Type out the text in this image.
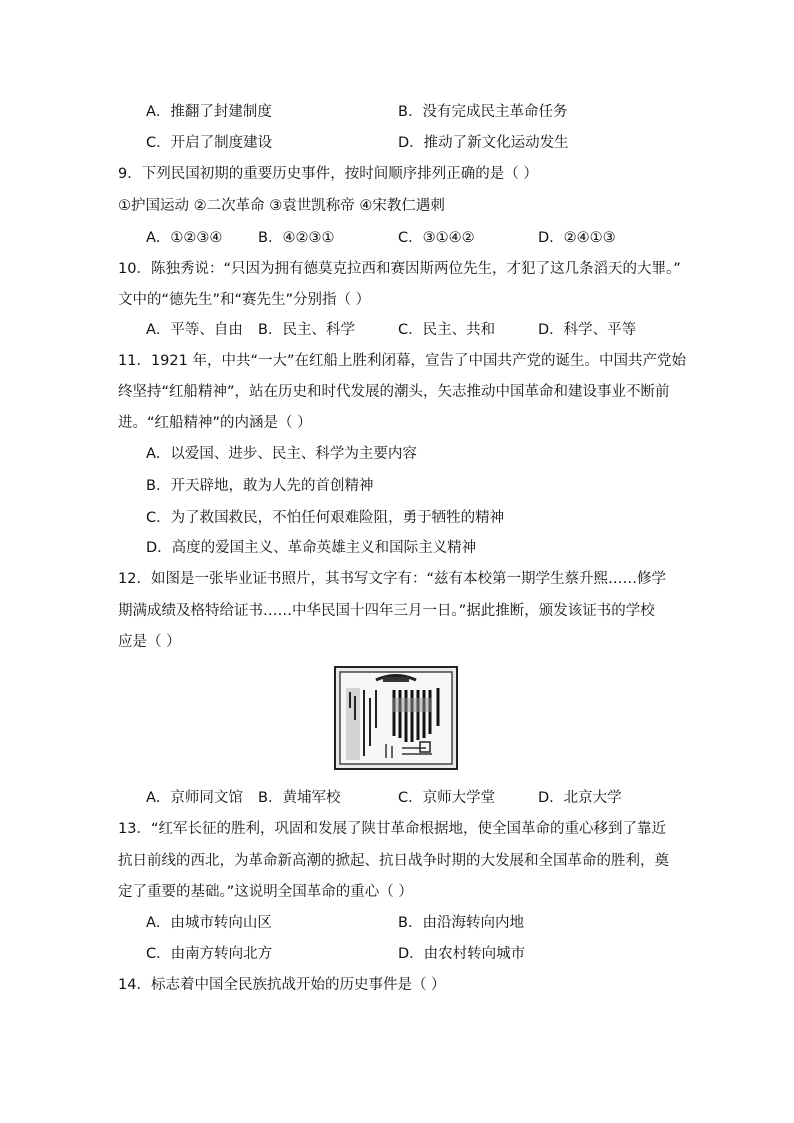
A．推翻了封建制度	B．没有完成民主革命任务
C．开启了制度建设	D．推动了新文化运动发生
9．下列民国初期的重要历史事件，按时间顺序排列正确的是（ ）
①护国运动 ②二次革命 ③袁世凯称帝 ④宋教仁遇刺
A．①②③④ B．④②③①	C．③①④②	D．②④①③
10．陈独秀说：“只因为拥有德莫克拉西和赛因斯两位先生，才犯了这几条滔天的大罪。”
文中的“德先生”和“赛先生”分别指（ ）
A．平等、自由 B．民主、科学	C．民主、共和	D．科学、平等
11．1921 年，中共“一大”在红船上胜利闭幕，宣告了中国共产党的诞生。中国共产党始
终坚持“红船精神”，站在历史和时代发展的潮头，矢志推动中国革命和建设事业不断前
进。“红船精神”的内涵是（ ）
A．以爱国、进步、民主、科学为主要内容
B．开天辟地，敢为人先的首创精神
C．为了救国救民，不怕任何艰难险阻，勇于牺牲的精神
D．高度的爱国主义、革命英雄主义和国际主义精神
12．如图是一张毕业证书照片，其书写文字有：“兹有本校第一期学生蔡升熙……修学
期满成绩及格特给证书……中华民国十四年三月一日。”据此推断，颁发该证书的学校
应是（ ）
A．京师同文馆 B．黄埔军校	C．京师大学堂	D．北京大学
13．“红军长征的胜利，巩固和发展了陕甘革命根据地，使全国革命的重心移到了靠近
抗日前线的西北，为革命新高潮的掀起、抗日战争时期的大发展和全国革命的胜利，奠
定了重要的基础。”这说明全国革命的重心（ ）
A．由城市转向山区	B．由沿海转向内地
C．由南方转向北方	D．由农村转向城市
14．标志着中国全民族抗战开始的历史事件是（ ）
